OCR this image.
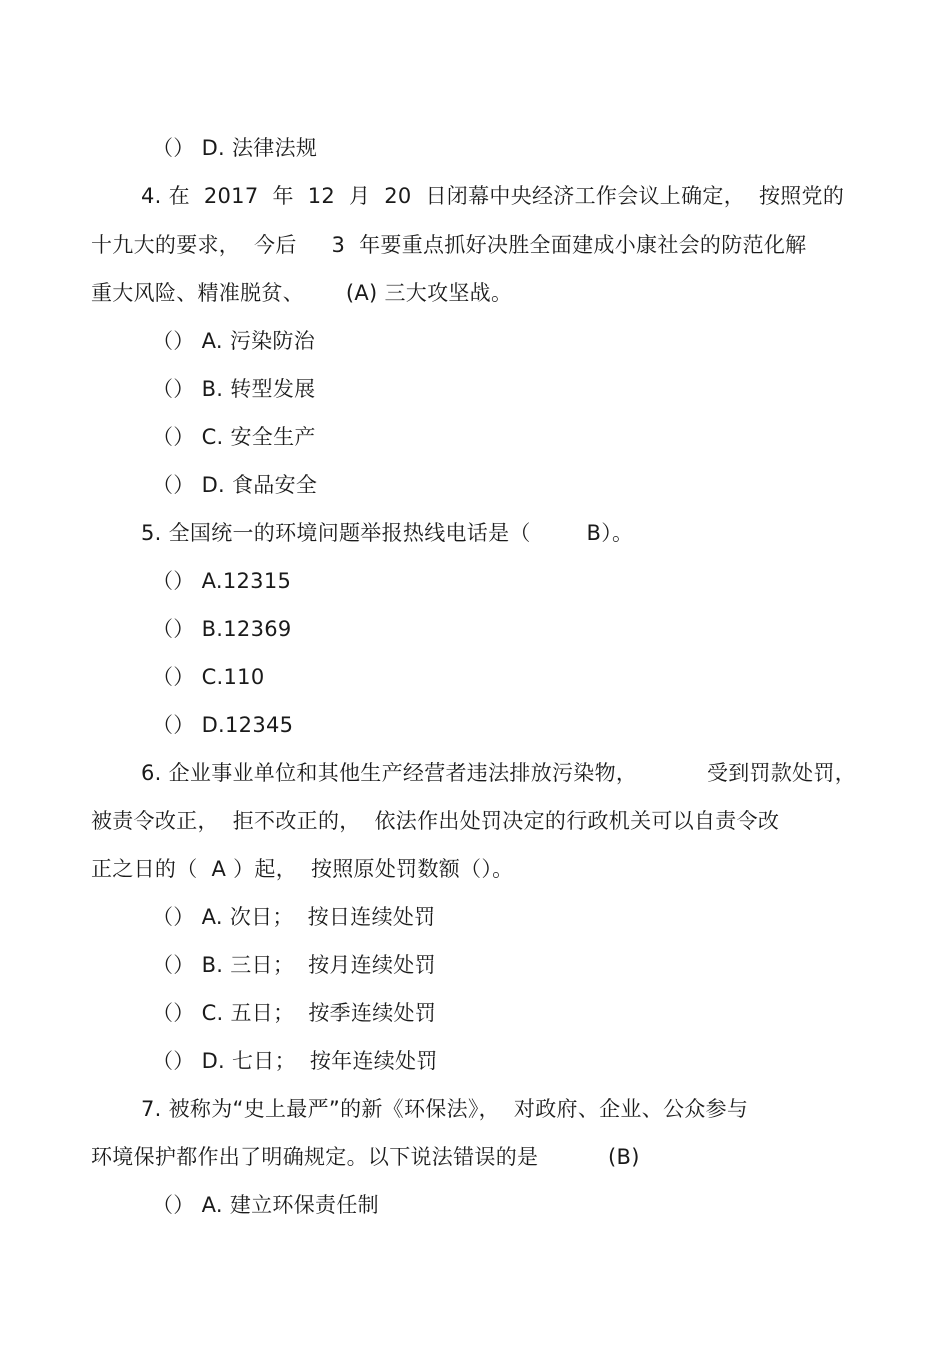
（） D. 法律法规
4. 在  2017  年  12  月  20  日闭幕中央经济工作会议上确定，  按照党的
十九大的要求，  今后     3  年要重点抓好决胜全面建成小康社会的防范化解
重大风险、精准脱贫、      (A) 三大攻坚战。
（） A. 污染防治
（） B. 转型发展
（） C. 安全生产
（） D. 食品安全
5. 全国统一的环境问题举报热线电话是（        B）。
（） A.12315
（） B.12369
（） C.110
（） D.12345
6. 企业事业单位和其他生产经营者违法排放污染物，          受到罚款处罚，
被责令改正，  拒不改正的，  依法作出处罚决定的行政机关可以自责令改
正之日的（  A ）起，  按照原处罚数额（）。
（） A. 次日；  按日连续处罚
（） B. 三日；  按月连续处罚
（） C. 五日；  按季连续处罚
（） D. 七日；  按年连续处罚
7. 被称为“史上最严”的新《环保法》，  对政府、企业、公众参与
环境保护都作出了明确规定。以下说法错误的是          (B)
（） A. 建立环保责任制
